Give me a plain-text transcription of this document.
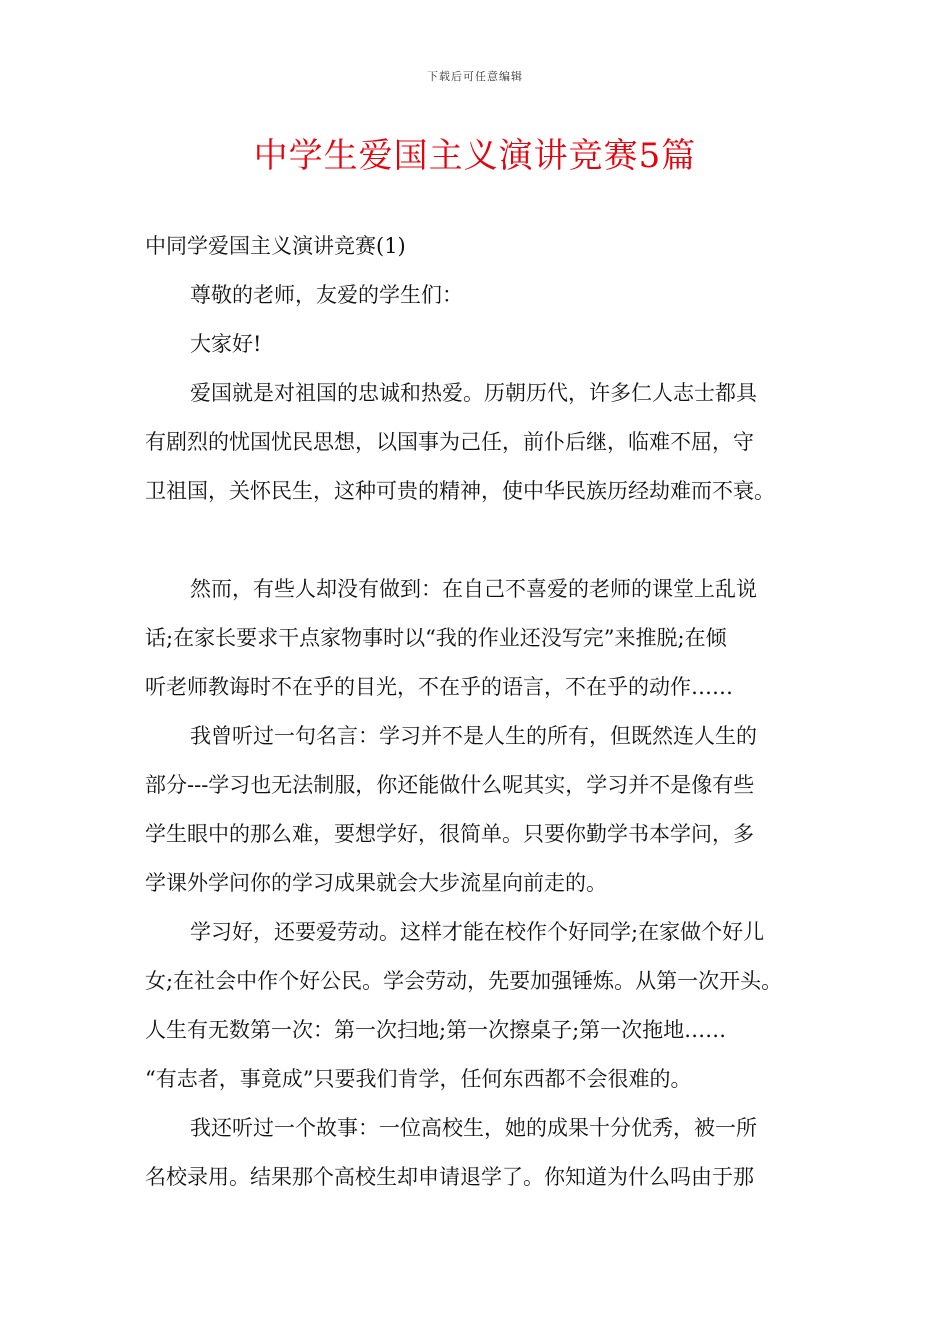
下载后可任意编辑
中学生爱国主义演讲竞赛5篇
中同学爱国主义演讲竞赛(1)
尊敬的老师，友爱的学生们：
大家好!
爱国就是对祖国的忠诚和热爱。历朝历代，许多仁人志士都具
有剧烈的忧国忧民思想，以国事为己任，前仆后继，临难不屈，守
卫祖国，关怀民生，这种可贵的精神，使中华民族历经劫难而不衰。
然而，有些人却没有做到：在自己不喜爱的老师的课堂上乱说
话;在家长要求干点家物事时以“我的作业还没写完”来推脱;在倾
听老师教诲时不在乎的目光，不在乎的语言，不在乎的动作……
我曾听过一句名言：学习并不是人生的所有，但既然连人生的
部分---学习也无法制服，你还能做什么呢其实，学习并不是像有些
学生眼中的那么难，要想学好，很简单。只要你勤学书本学问，多
学课外学问你的学习成果就会大步流星向前走的。
学习好，还要爱劳动。这样才能在校作个好同学;在家做个好儿
女;在社会中作个好公民。学会劳动，先要加强锤炼。从第一次开头。
人生有无数第一次：第一次扫地;第一次擦桌子;第一次拖地……
“有志者，事竟成”只要我们肯学，任何东西都不会很难的。
我还听过一个故事：一位高校生，她的成果十分优秀，被一所
名校录用。结果那个高校生却申请退学了。你知道为什么吗由于那
